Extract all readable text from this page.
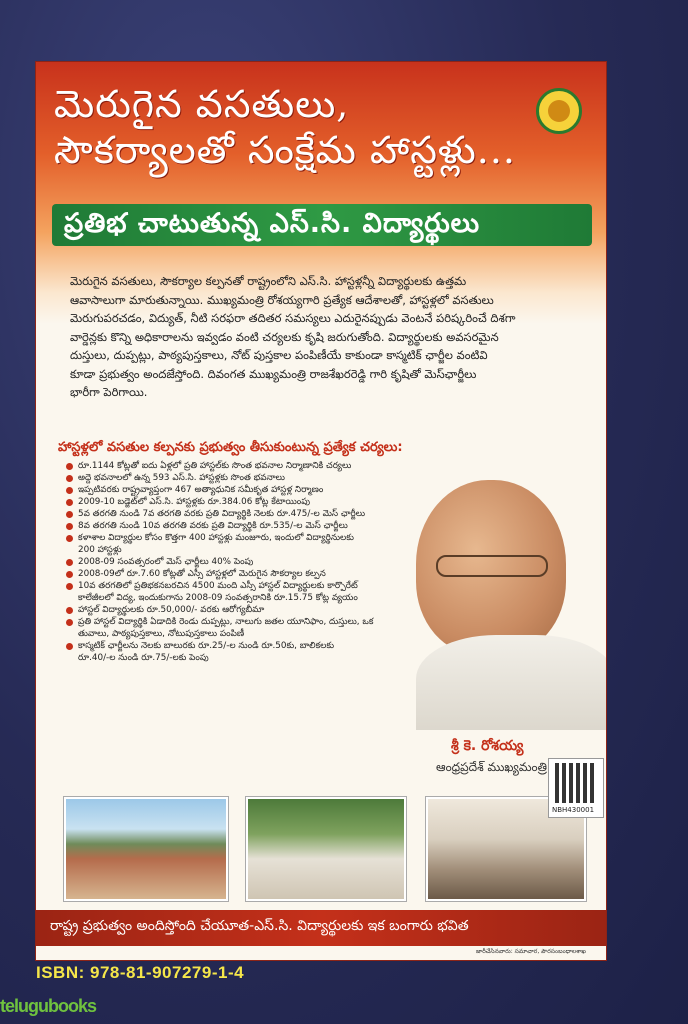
మెరుగైన వసతులు,
సౌకర్యాలతో సంక్షేమ హాస్టళ్లు...
ప్రతిభ చాటుతున్న ఎస్.సి. విద్యార్థులు
మెరుగైన వసతులు, సౌకర్యాల కల్పనతో రాష్ట్రంలోని ఎస్.సి. హాస్టళ్లన్నీ విద్యార్థులకు ఉత్తమ
ఆవాసాలుగా మారుతున్నాయి. ముఖ్యమంత్రి రోశయ్యగారి ప్రత్యేక ఆదేశాలతో, హాస్టళ్లలో వసతులు
మెరుగుపరచడం, విద్యుత్, నీటి సరఫరా తదితర సమస్యలు ఎదురైనప్పుడు వెంటనే పరిష్కరించే దిశగా
వార్డెన్లకు కొన్ని అధికారాలను ఇవ్వడం వంటి చర్యలకు కృషి జరుగుతోంది. విద్యార్థులకు అవసరమైన
దుస్తులు, దుప్పట్లు, పాఠ్యపుస్తకాలు, నోట్ పుస్తకాల పంపిణీయే కాకుండా కాస్మటిక్ ఛార్జీల వంటివి
కూడా ప్రభుత్వం అందజేస్తోంది. దివంగత ముఖ్యమంత్రి రాజశేఖరరెడ్డి గారి కృషితో మెస్‌ఛార్జీలు
భారీగా పెరిగాయి.
హాస్టళ్లలో వసతుల కల్పనకు ప్రభుత్వం తీసుకుంటున్న ప్రత్యేక చర్యలు:
రూ.1144 కోట్లతో ఐదు ఏళ్లలో ప్రతి హాస్టల్‌కు సొంత భవనాల నిర్మాణానికి చర్యలు
అద్దె భవనాలలో ఉన్న 593 ఎస్.సి. హాస్టళ్లకు సొంత భవనాలు
ఇప్పటివరకు రాష్ట్రవ్యాప్తంగా 467 అత్యాధునిక సమీకృత హాస్టళ్ల నిర్మాణం
2009-10 బడ్జెట్‌లో ఎస్.సి. హాస్టళ్లకు రూ.384.06 కోట్ల కేటాయింపు
5వ తరగతి నుండి 7వ తరగతి వరకు ప్రతి విద్యార్థికి నెలకు రూ.475/-ల మెస్ ఛార్జీలు
8వ తరగతి నుండి 10వ తరగతి వరకు ప్రతి విద్యార్థికి రూ.535/-ల మెస్ ఛార్జీలు
కళాశాల విద్యార్థుల కోసం కొత్తగా 400 హాస్టళ్లు మంజూరు, ఇందులో విద్యార్థినులకు
200 హాస్టళ్లు
2008-09 సంవత్సరంలో మెస్ ఛార్జీలు 40% పెంపు
2008-09లో రూ.7.60 కోట్లతో ఎస్సీ హాస్టళ్లలో మెరుగైన సౌకర్యాల కల్పన
10వ తరగతిలో ప్రతిభకనబరచిన 4500 మంది ఎస్సీ హాస్టల్ విద్యార్థులకు కార్పొరేట్
కాలేజీలలో విద్య, ఇందుకుగాను 2008-09 సంవత్సరానికి రూ.15.75 కోట్ల వ్యయం
హాస్టల్ విద్యార్థులకు రూ.50,000/- వరకు ఆరోగ్యబీమా
ప్రతి హాస్టల్ విద్యార్థికి ఏడాదికి రెండు దుప్పట్లు, నాలుగు జతల యూనిఫాం, దుస్తులు, ఒక
తువాలు, పాఠ్యపుస్తకాలు, నోటుపుస్తకాలు పంపిణీ
కాస్మటిక్ ఛార్జీలను నెలకు బాలురకు రూ.25/-ల నుండి రూ.50కు, బాలికలకు
రూ.40/-ల నుండి రూ.75/-లకు పెంపు
శ్రీ కె. రోశయ్య
ఆంధ్రప్రదేశ్ ముఖ్యమంత్రి
రాష్ట్ర ప్రభుత్వం అందిస్తోంది చేయూత-ఎస్.సి. విద్యార్థులకు ఇక బంగారు భవిత
జారీచేసినవారు: సమాచార, పౌరసంబంధాలశాఖ
NBH430001
ISBN: 978-81-907279-1-4
telugubooks
